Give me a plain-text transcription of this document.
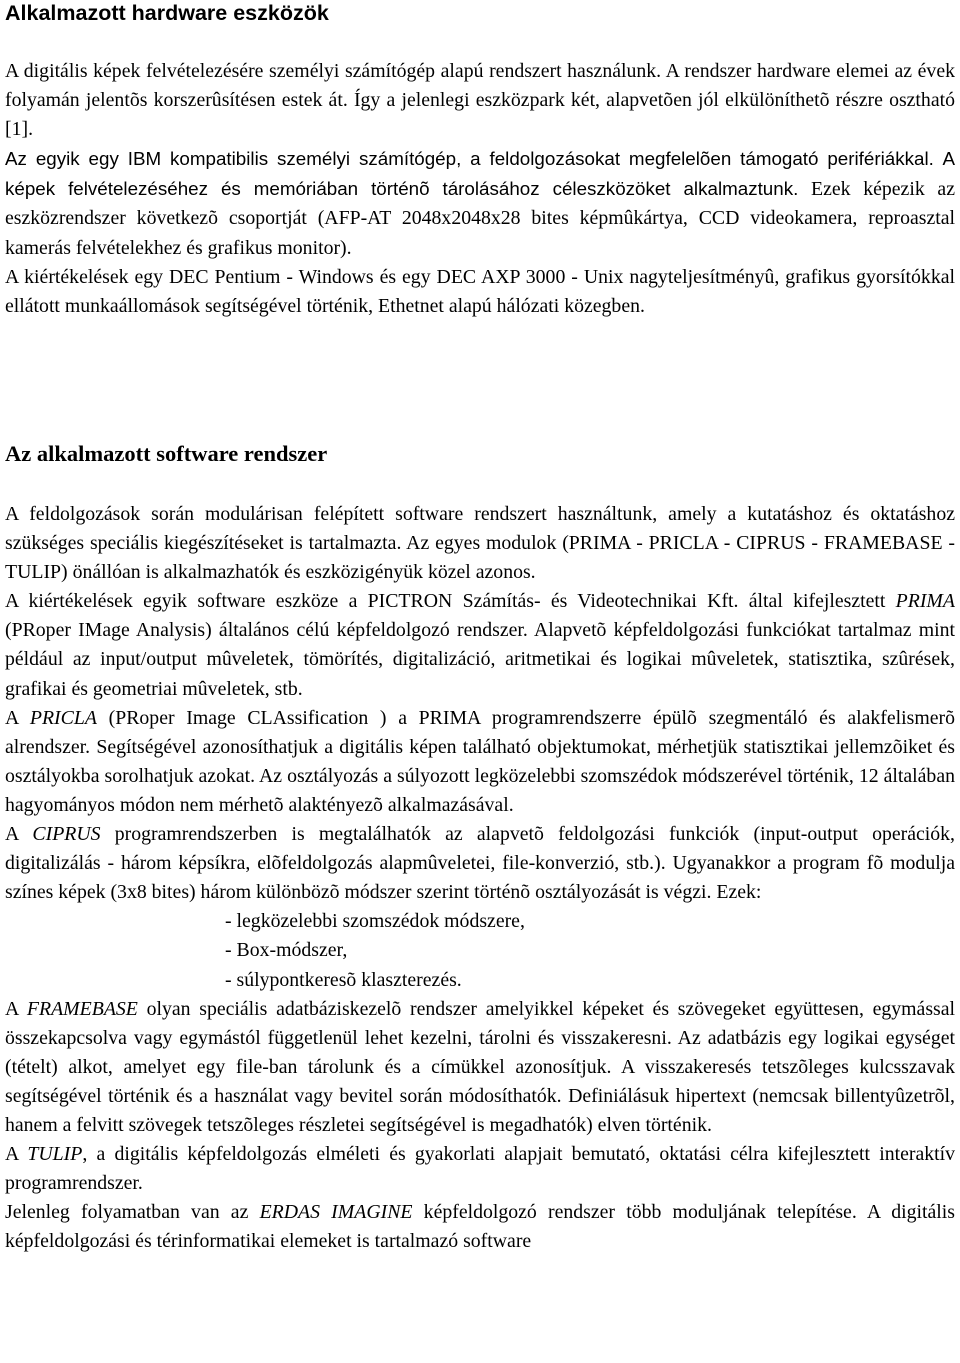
Alkalmazott hardware eszközök

A digitális képek felvételezésére személyi számítógép alapú rendszert használunk. A rendszer hardware elemei az évek folyamán jelentõs korszerûsítésen estek át. Így a jelenlegi eszközpark két, alapvetõen jól elkülöníthetõ részre osztható [1].
Az egyik egy IBM kompatibilis személyi számítógép, a feldolgozásokat megfelelõen támogató perifériákkal. A képek felvételezéséhez és memóriában történõ tárolásához céleszközöket alkalmaztunk. Ezek képezik az eszközrendszer következõ csoportját (AFP-AT 2048x2048x28 bites képmûkártya, CCD videokamera, reproasztal kamerás felvételekhez és grafikus monitor).

A kiértékelések egy DEC Pentium - Windows és egy DEC AXP 3000 - Unix nagyteljesítményû, grafikus gyorsítókkal ellátott munkaállomások segítségével történik, Ethetnet alapú hálózati közegben.

Az alkalmazott software rendszer

A feldolgozások során modulárisan felépített software rendszert használtunk, amely a kutatáshoz és oktatáshoz szükséges speciális kiegészítéseket is tartalmazta. Az egyes modulok (PRIMA - PRICLA - CIPRUS - FRAMEBASE - TULIP) önállóan is alkalmazhatók és eszközigényük közel azonos.

A kiértékelések egyik software eszköze a PICTRON Számítás- és Videotechnikai Kft. által kifejlesztett PRIMA (PRoper IMage Analysis) általános célú képfeldolgozó rendszer. Alapvetõ képfeldolgozási funkciókat tartalmaz mint például az input/output mûveletek, tömörítés, digitalizáció, aritmetikai és logikai mûveletek, statisztika, szûrések, grafikai és geometriai mûveletek, stb.

A PRICLA (PRoper Image CLAssification ) a PRIMA programrendszerre épülõ szegmentáló és alakfelismerõ alrendszer. Segítségével azonosíthatjuk a digitális képen található objektumokat, mérhetjük statisztikai jellemzõiket és osztályokba sorolhatjuk azokat. Az osztályozás a súlyozott legközelebbi szomszédok módszerével történik, 12 általában hagyományos módon nem mérhetõ alaktényezõ alkalmazásával.

A CIPRUS programrendszerben is megtalálhatók az alapvetõ feldolgozási funkciók (input-output operációk, digitalizálás - három képsíkra, elõfeldolgozás alapmûveletei, file-konverzió, stb.). Ugyanakkor a program fõ modulja színes képek (3x8 bites) három különbözõ módszer szerint történõ osztályozását is végzi. Ezek:

- legközelebbi szomszédok módszere,

- Box-módszer,

- súlypontkeresõ klaszterezés.

A FRAMEBASE olyan speciális adatbáziskezelõ rendszer amelyikkel képeket és szövegeket együttesen, egymással összekapcsolva vagy egymástól függetlenül lehet kezelni, tárolni és visszakeresni. Az adatbázis egy logikai egységet (tételt) alkot, amelyet egy file-ban tárolunk és a címükkel azonosítjuk. A visszakeresés tetszõleges kulcsszavak segítségével történik és a használat vagy bevitel során módosíthatók. Definiálásuk hipertext (nemcsak billentyûzetrõl, hanem a felvitt szövegek tetszõleges részletei segítségével is megadhatók) elven történik.

A TULIP, a digitális képfeldolgozás elméleti és gyakorlati alapjait bemutató, oktatási célra kifejlesztett interaktív programrendszer.

Jelenleg folyamatban van az ERDAS IMAGINE képfeldolgozó rendszer több moduljának telepítése. A digitális képfeldolgozási és térinformatikai elemeket is tartalmazó software
